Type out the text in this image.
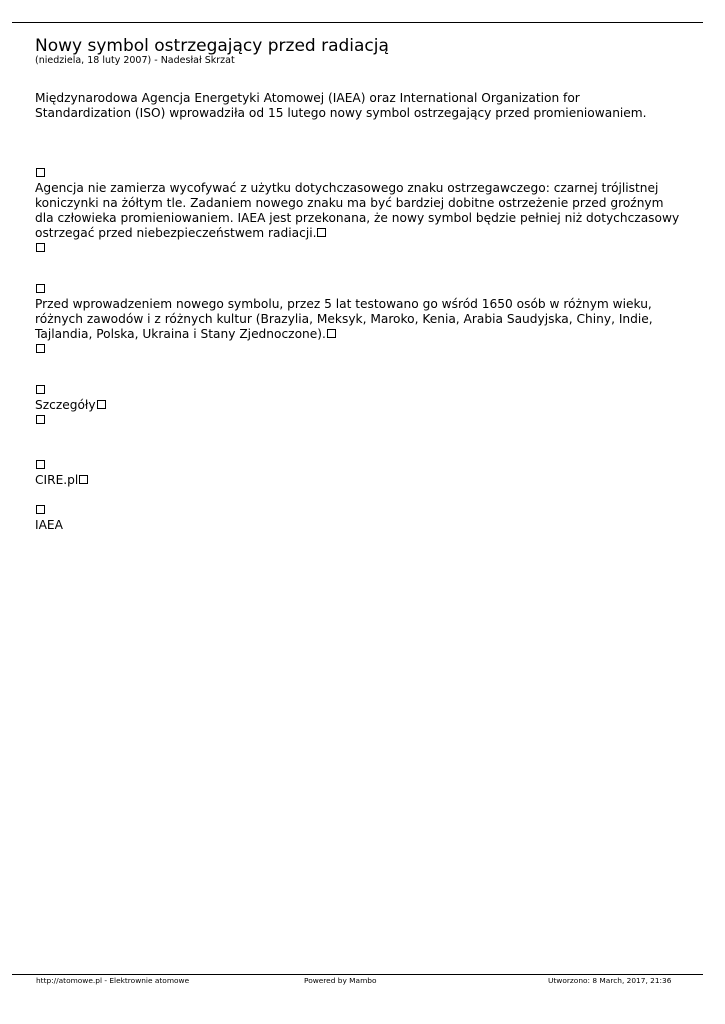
Nowy symbol ostrzegający przed radiacją
(niedziela, 18 luty 2007) - Nadesłał Skrzat

Międzynarodowa Agencja Energetyki Atomowej (IAEA) oraz International Organization for
Standardization (ISO) wprowadziła od 15 lutego nowy symbol ostrzegający przed promieniowaniem.

Agencja nie zamierza wycofywać z użytku dotychczasowego znaku ostrzegawczego: czarnej trójlistnej
koniczynki na żółtym tle. Zadaniem nowego znaku ma być bardziej dobitne ostrzeżenie przed groźnym
dla człowieka promieniowaniem. IAEA jest przekonana, że nowy symbol będzie pełniej niż dotychczasowy
ostrzegać przed niebezpieczeństwem radiacji.

Przed wprowadzeniem nowego symbolu, przez 5 lat testowano go wśród 1650 osób w różnym wieku,
różnych zawodów i z różnych kultur (Brazylia, Meksyk, Maroko, Kenia, Arabia Saudyjska, Chiny, Indie,
Tajlandia, Polska, Ukraina i Stany Zjednoczone).

Szczegóły
CIRE.pl
IAEA
http://atomowe.pl - Elektrownie atomowe	Powered by Mambo	Utworzono: 8 March, 2017, 21:36
